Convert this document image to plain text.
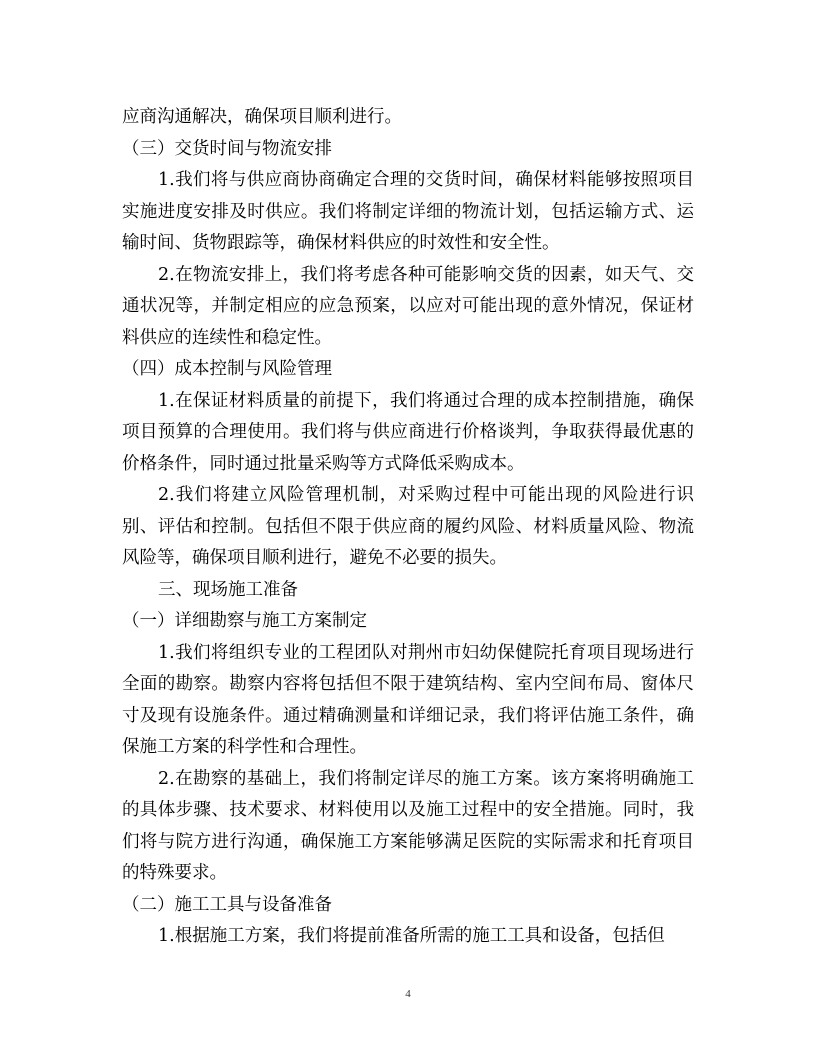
应商沟通解决，确保项目顺利进行。

（三）交货时间与物流安排

1.我们将与供应商协商确定合理的交货时间，确保材料能够按照项目实施进度安排及时供应。我们将制定详细的物流计划，包括运输方式、运输时间、货物跟踪等，确保材料供应的时效性和安全性。

2.在物流安排上，我们将考虑各种可能影响交货的因素，如天气、交通状况等，并制定相应的应急预案，以应对可能出现的意外情况，保证材料供应的连续性和稳定性。

（四）成本控制与风险管理

1.在保证材料质量的前提下，我们将通过合理的成本控制措施，确保项目预算的合理使用。我们将与供应商进行价格谈判，争取获得最优惠的价格条件，同时通过批量采购等方式降低采购成本。

2.我们将建立风险管理机制，对采购过程中可能出现的风险进行识别、评估和控制。包括但不限于供应商的履约风险、材料质量风险、物流风险等，确保项目顺利进行，避免不必要的损失。

三、现场施工准备

（一）详细勘察与施工方案制定

1.我们将组织专业的工程团队对荆州市妇幼保健院托育项目现场进行全面的勘察。勘察内容将包括但不限于建筑结构、室内空间布局、窗体尺寸及现有设施条件。通过精确测量和详细记录，我们将评估施工条件，确保施工方案的科学性和合理性。

2.在勘察的基础上，我们将制定详尽的施工方案。该方案将明确施工的具体步骤、技术要求、材料使用以及施工过程中的安全措施。同时，我们将与院方进行沟通，确保施工方案能够满足医院的实际需求和托育项目的特殊要求。

（二）施工工具与设备准备

1.根据施工方案，我们将提前准备所需的施工工具和设备，包括但

4
